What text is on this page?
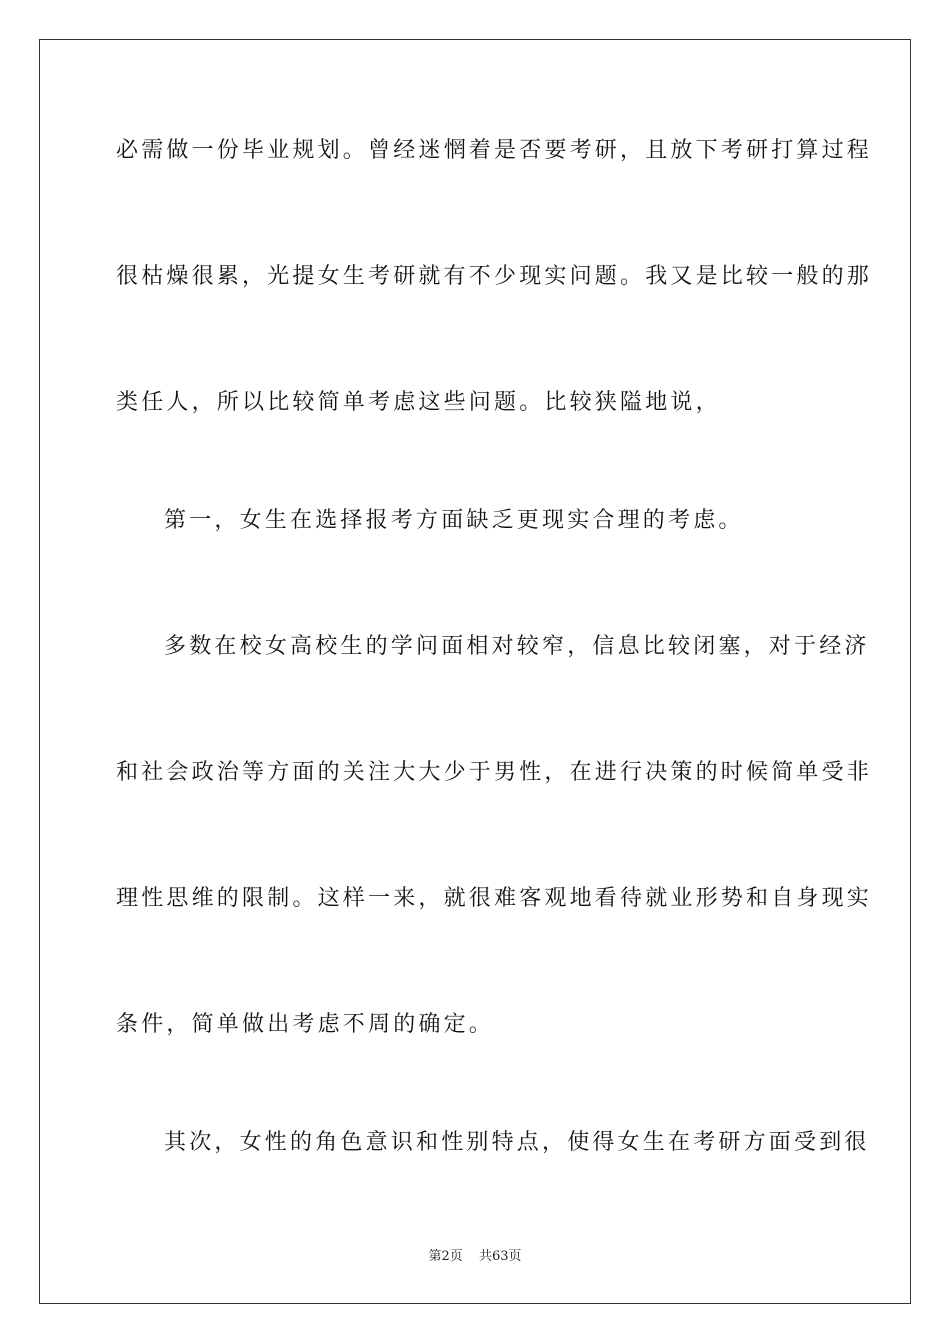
必需做一份毕业规划。曾经迷惘着是否要考研，且放下考研打算过程
很枯燥很累，光提女生考研就有不少现实问题。我又是比较一般的那
类任人，所以比较简单考虑这些问题。比较狭隘地说，
第一，女生在选择报考方面缺乏更现实合理的考虑。
多数在校女高校生的学问面相对较窄，信息比较闭塞，对于经济
和社会政治等方面的关注大大少于男性，在进行决策的时候简单受非
理性思维的限制。这样一来，就很难客观地看待就业形势和自身现实
条件，简单做出考虑不周的确定。
其次，女性的角色意识和性别特点，使得女生在考研方面受到很
第2页 共63页
